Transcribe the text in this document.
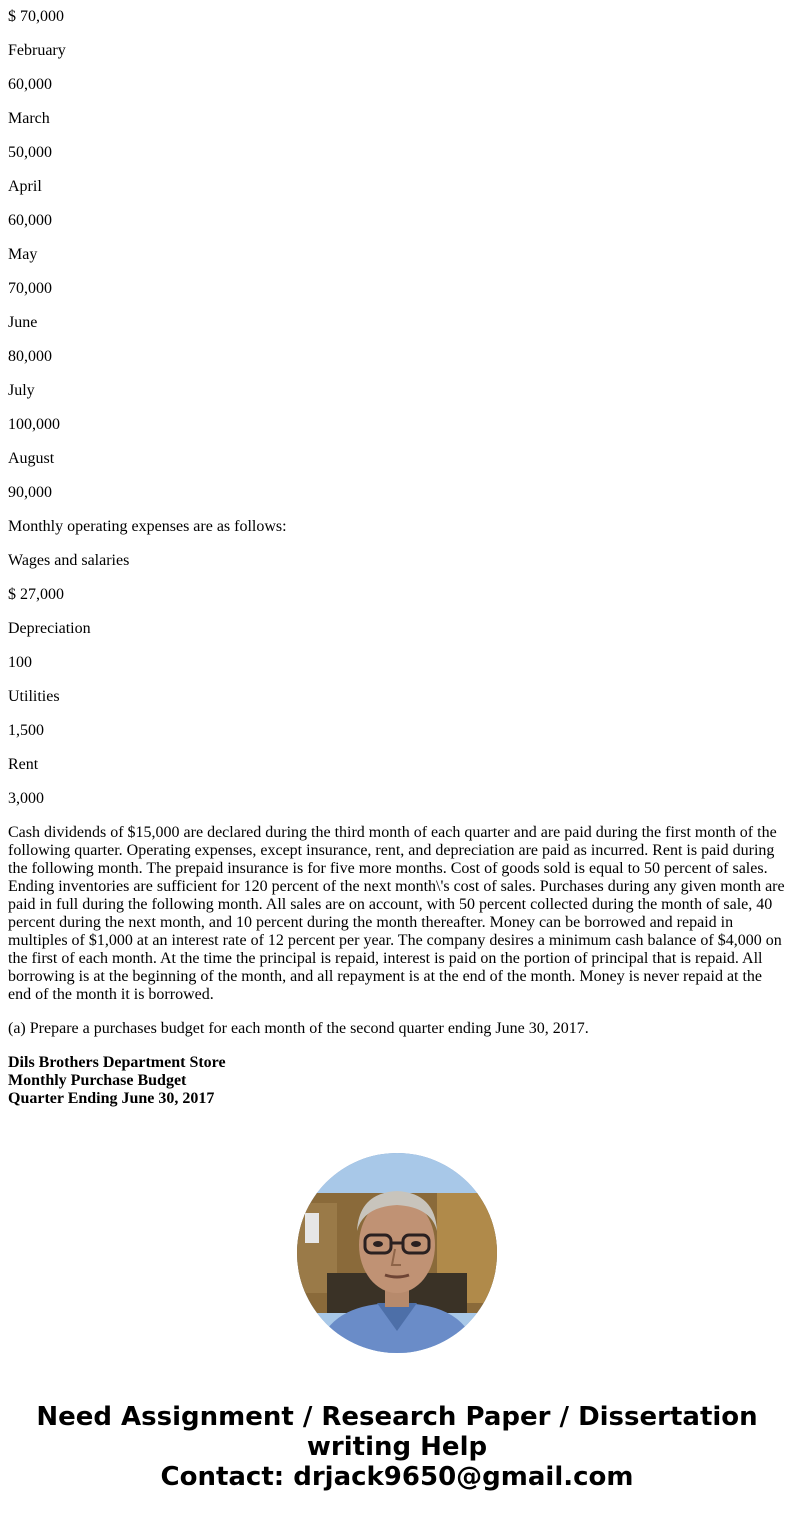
$ 70,000

February

60,000

March

50,000

April

60,000

May

70,000

June

80,000

July

100,000

August

90,000

Monthly operating expenses are as follows:

Wages and salaries

$ 27,000

Depreciation

100

Utilities

1,500

Rent

3,000

Cash dividends of $15,000 are declared during the third month of each quarter and are paid during the first month of the following quarter. Operating expenses, except insurance, rent, and depreciation are paid as incurred. Rent is paid during the following month. The prepaid insurance is for five more months. Cost of goods sold is equal to 50 percent of sales. Ending inventories are sufficient for 120 percent of the next month\'s cost of sales. Purchases during any given month are paid in full during the following month. All sales are on account, with 50 percent collected during the month of sale, 40 percent during the next month, and 10 percent during the month thereafter. Money can be borrowed and repaid in multiples of $1,000 at an interest rate of 12 percent per year. The company desires a minimum cash balance of $4,000 on the first of each month. At the time the principal is repaid, interest is paid on the portion of principal that is repaid. All borrowing is at the beginning of the month, and all repayment is at the end of the month. Money is never repaid at the end of the month it is borrowed.

(a) Prepare a purchases budget for each month of the second quarter ending June 30, 2017.

Dils Brothers Department Store
Monthly Purchase Budget
Quarter Ending June 30, 2017
Need Assignment / Research Paper / Dissertation
writing Help
Contact: drjack9650@gmail.com
